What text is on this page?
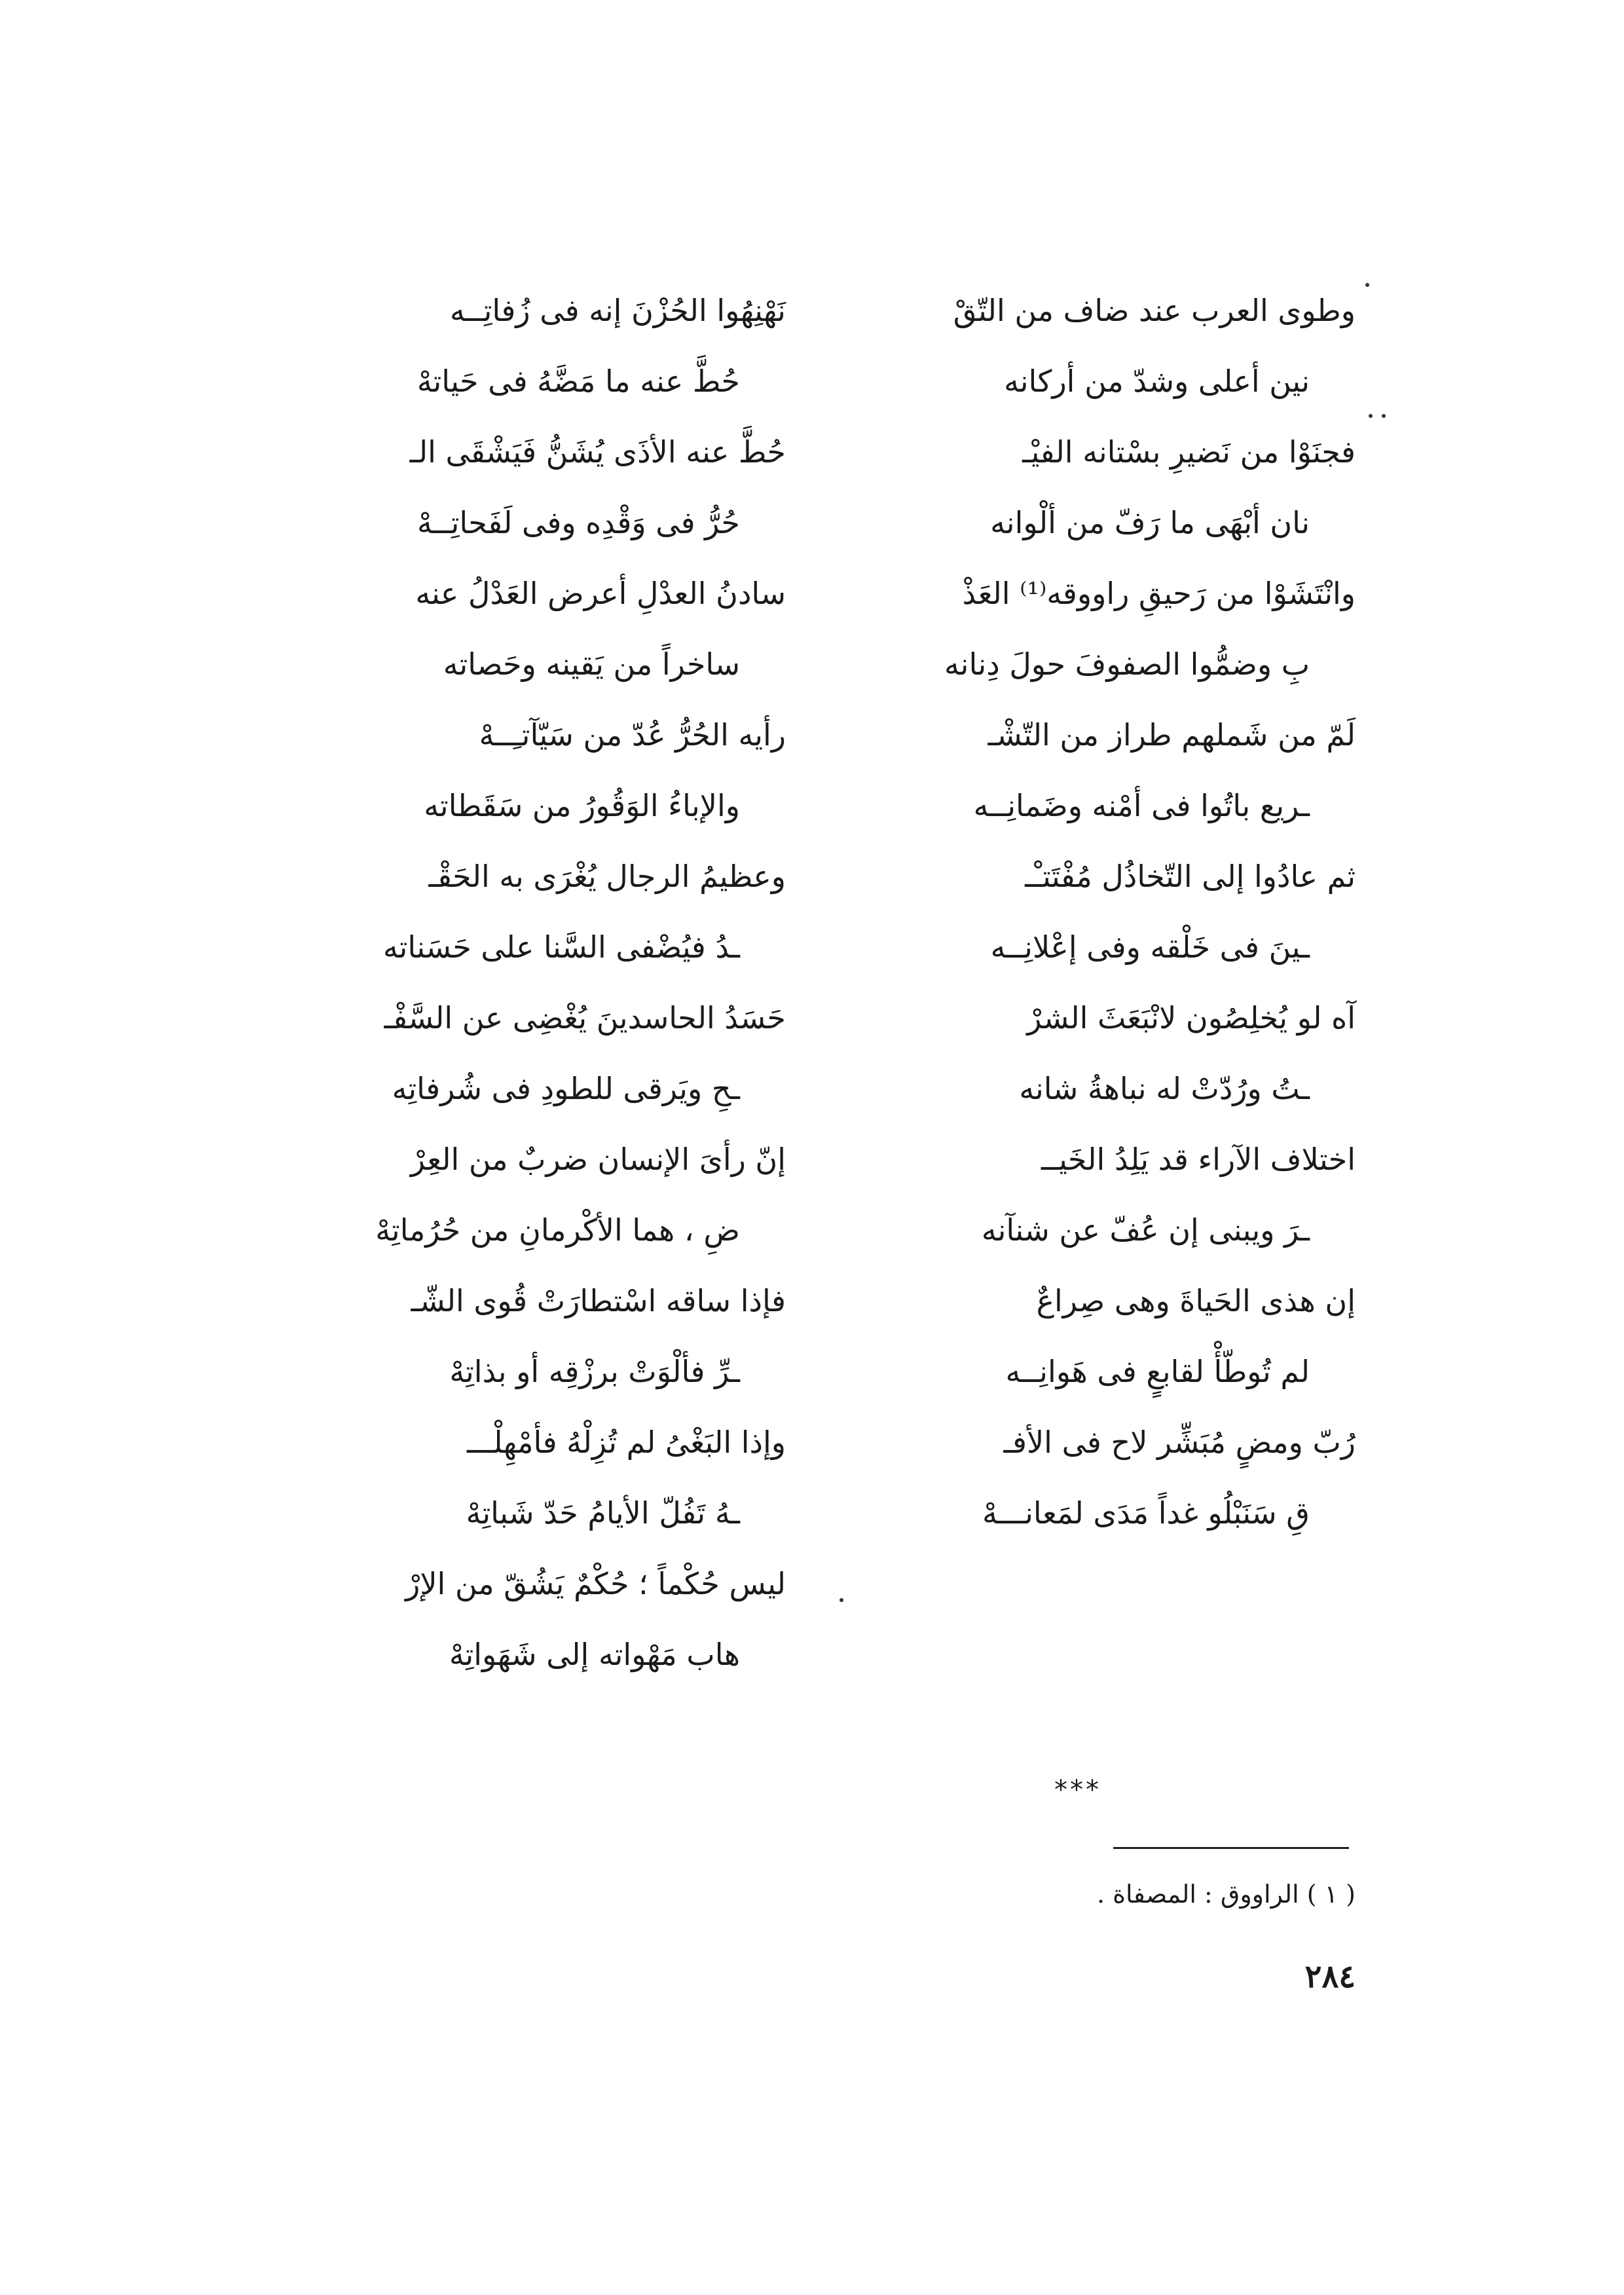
وطوى العرب عند ضاف من التّقْ
نين أعلى وشدّ من أركانه
فجنَوْا من نَضيرِ بسْتانه الفيْـ
نان أبْهَى ما رَفّ من ألْوانه
وانْتَشَوْا من رَحيقِ راووقه⁽¹⁾ العَذْ
بِ وضمُّوا الصفوفَ حولَ دِنانه
لَمّ من شَملهم طراز من التّشْـ
ـريع باتُوا فى أمْنه وضَمانِــه
ثم عادُوا إلى التّخاذُل مُفْتَتـْـ
ـينَ فى خَلْقه وفى إعْلانِــه
آه لو يُخلِصُون لانْبَعَثَ الشرْ
ـتُ ورُدّتْ له نباهةُ شانه
اختلاف الآراء قد يَلِدُ الخَيــ
ـرَ ويبنى إن عُفّ عن شنآنه
إن هذى الحَياةَ وهى صِراعٌ
لم تُوطّأْ لقابعٍ فى هَوانِــه
رُبّ ومضٍ مُبَشِّر لاح فى الأفـ
قِ سَنَبْلُو غداً مَدَى لمَعانـــهْ
نَهْنِهُوا الحُزْنَ إنه فى زُفاتِــه
حُطَّ عنه ما مَضَّهُ فى حَياتهْ
حُطَّ عنه الأذَى يُشَنُّ فَيَشْقَى الـ
حُرُّ فى وَقْدِه وفى لَفَحاتِــهْ
سادنُ العدْلِ أعرض العَدْلُ عنه
ساخراً من يَقينه وحَصاته
رأيه الحُرُّ عُدّ من سَيّآتـِــهْ
والإباءُ الوَقُورُ من سَقَطاته
وعظيمُ الرجال يُغْرَى به الحَقْـ
ـدُ فيُضْفى السَّنا على حَسَناته
حَسَدُ الحاسدينَ يُغْضِى عن السَّفْـ
ـحِ ويَرقى للطودِ فى شُرفاتِه
إنّ رأىَ الإنسان ضربٌ من العِرْ
ضِ ، هما الأكْرمانِ من حُرُماتِهْ
فإذا ساقه اسْتطارَتْ قُوى الشّـ
ـرِّ فألْوَتْ برزْقِه أو بذاتِهْ
وإذا البَغْىُ لم تُزِلْهُ فأمْهِلْـــ
ـهُ تَفُلّ الأيامُ حَدّ شَباتِهْ
ليس حُكْماً ؛ حُكْمٌ يَشُقّ من الإرْ
هاب مَهْواته إلى شَهَواتِهْ
***
( ١ ) الراووق : المصفاة .
٢٨٤
